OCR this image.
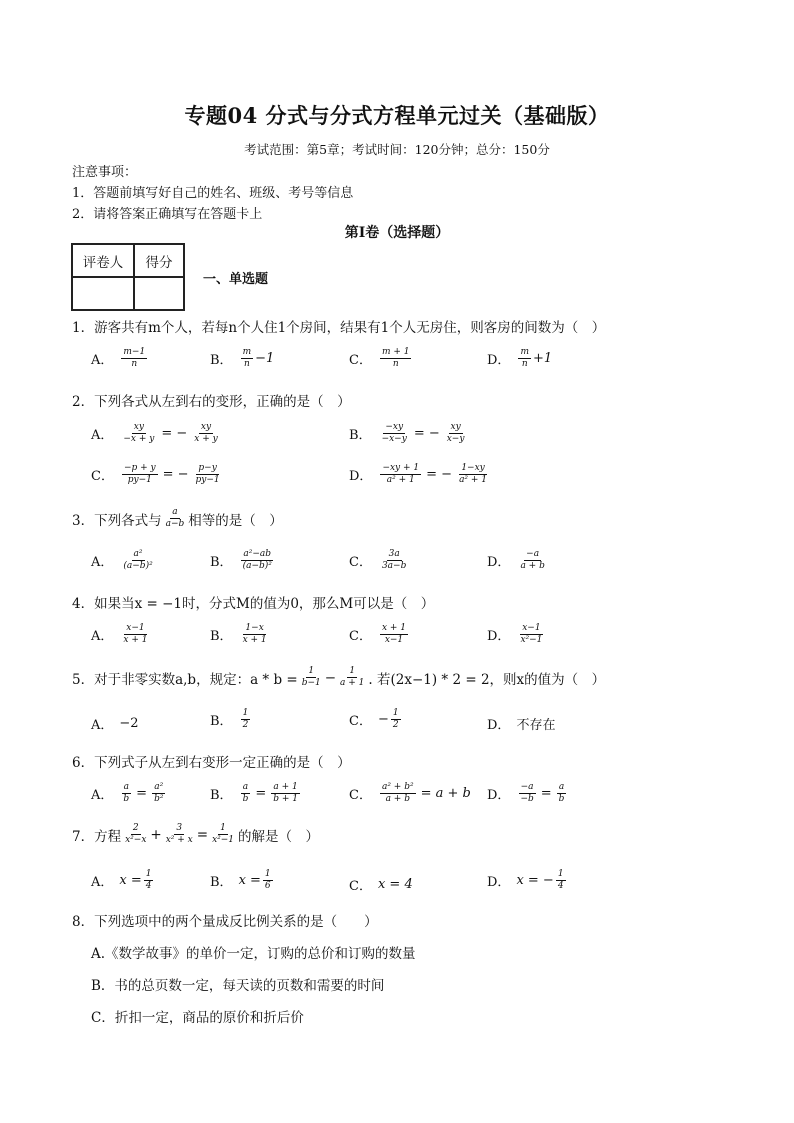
专题04 分式与分式方程单元过关（基础版）
考试范围：第5章；考试时间：120分钟；总分：150分
注意事项：
1．答题前填写好自己的姓名、班级、考号等信息
2．请将答案正确填写在答题卡上
第Ⅰ卷（选择题）
评卷人	得分

一、单选题
1．游客共有m个人，若每n个人住1个房间，结果有1个人无房住，则客房的间数为（　）
A． $\frac{m-1}{n}$	B． $\frac{m}{n} -1$	C． $\frac{m + 1}{n}$	D． $\frac{m}{n} +1$
2．下列各式从左到右的变形，正确的是（　）
A． $\frac{xy}{-x + y}$ = − $\frac{xy}{x + y}$	B． $\frac{-xy}{-x-y}$ = − $\frac{xy}{x-y}$
C． $\frac{-p + y}{py-1}$ = − $\frac{p-y}{py-1}$	D． $\frac{-xy + 1}{\text{a² + 1}}$ = − $\frac{1-xy}{\text{a² + 1}}$
3．下列各式与 $\frac{a}{a-b}$ 相等的是（　）
A． $\frac{\text{a²}}{\text{(a−b)²}}$	B． $\frac{\text{a²−ab}}{\text{(a−b)²}}$	C． $\frac{3a}{3a-b}$	D． $\frac{-a}{a + b}$
4．如果当x = −1时，分式M的值为0，那么M可以是（　）
A． $\frac{x-1}{x + 1}$	B． $\frac{1-x}{x + 1}$	C． $\frac{x + 1}{x-1}$	D． $\frac{x-1}{\text{x²−1}}$
5．对于非零实数a,b，规定：$a * b = \frac{1}{b-1} - \frac{1}{a + 1}$ . 若(2x−1) * 2 = 2，则x的值为（　）
A． −2	B． $\frac{1}{2}$	C． − $\frac{1}{2}$	D． 不存在
6．下列式子从左到右变形一定正确的是（　）
A． $\frac{a}{b} = \frac{\text{a²}}{\text{b²}}$	B． $\frac{a}{b} = \frac{a + 1}{b + 1}$	C． $\frac{\text{a² + b²}}{a + b} = a + b$ D． $\frac{-a}{-b} = \frac{a}{b}$
7．方程 $\frac{2}{\text{x²−x}} + \frac{3}{\text{x² + x}} = \frac{1}{\text{x²−1}}$ 的解是（　）
A． $x = \frac{1}{4}$	B． $x = \frac{1}{6}$	C． x = 4	D． x = − $\frac{1}{4}$
8．下列选项中的两个量成反比例关系的是（　　）
A.《数学故事》的单价一定，订购的总价和订购的数量
B．书的总页数一定，每天读的页数和需要的时间
C．折扣一定，商品的原价和折后价
